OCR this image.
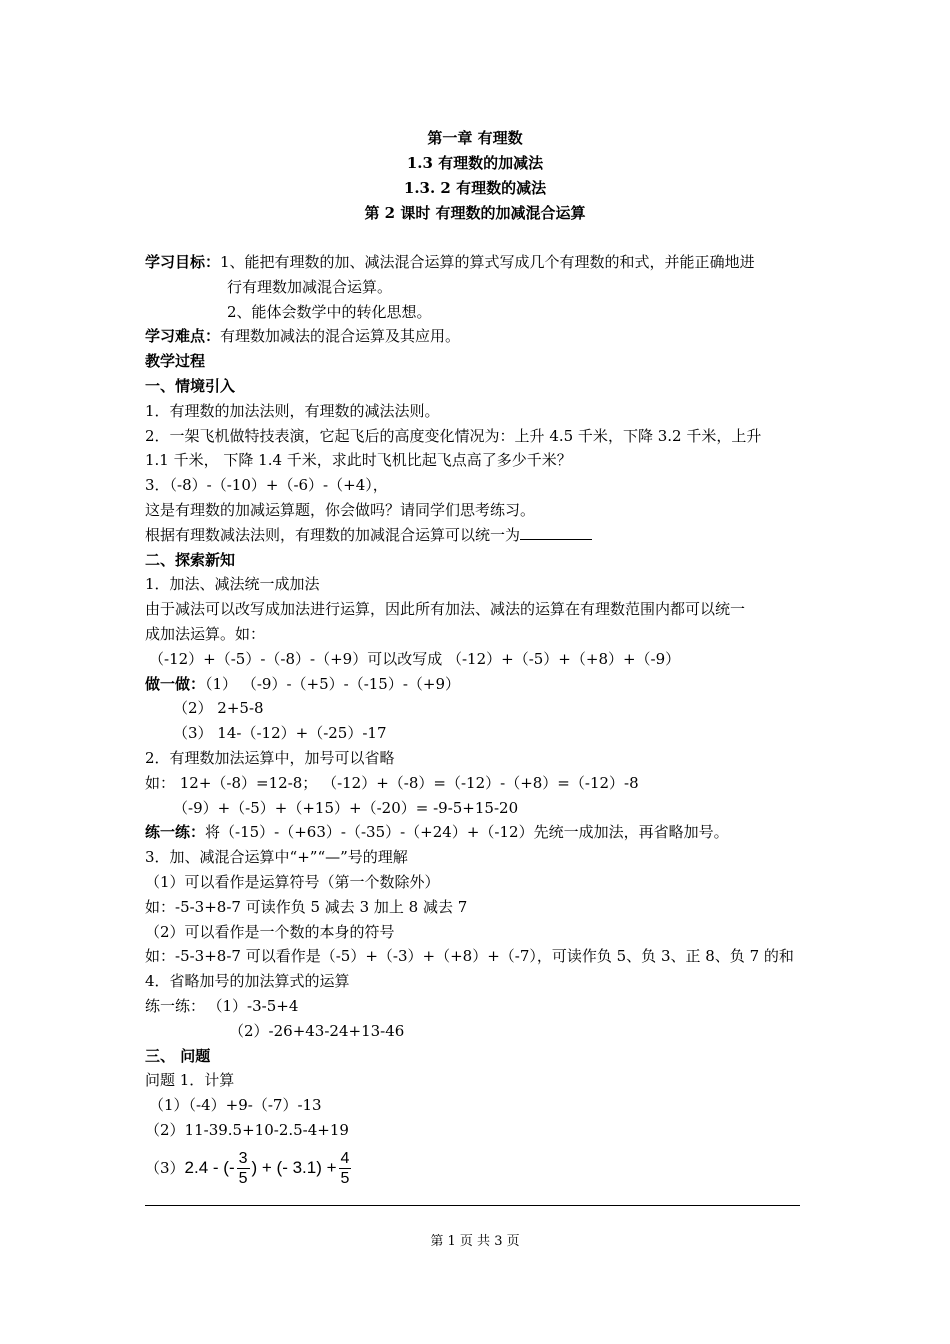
第一章 有理数
1.3 有理数的加减法
1.3. 2 有理数的减法
第 2 课时 有理数的加减混合运算
学习目标：1、能把有理数的加、减法混合运算的算式写成几个有理数的和式，并能正确地进
行有理数加减混合运算。
2、能体会数学中的转化思想。
学习难点：有理数加减法的混合运算及其应用。
教学过程
一、情境引入
1．有理数的加法法则，有理数的减法法则。
2．一架飞机做特技表演，它起飞后的高度变化情况为：上升 4.5 千米，下降 3.2 千米，上升
1.1 千米， 下降 1.4 千米，求此时飞机比起飞点高了多少千米？
3．（-8）-（-10）+（-6）-（+4），
这是有理数的加减运算题，你会做吗？请同学们思考练习。
根据有理数减法法则，有理数的加减混合运算可以统一为
二、探索新知
1．加法、减法统一成加法
由于减法可以改写成加法进行运算，因此所有加法、减法的运算在有理数范围内都可以统一
成加法运算。如：
（-12）+（-5）-（-8）-（+9）可以改写成 （-12）+（-5）+（+8）+（-9）
做一做：（1） （-9）-（+5）-（-15）-（+9）
（2） 2+5-8
（3） 14-（-12）+（-25）-17
2．有理数加法运算中，加号可以省略
如： 12+（-8）=12-8； （-12）+（-8）=（-12）-（+8）=（-12）-8
（-9）+（-5）+（+15）+（-20）= -9-5+15-20
练一练：将（-15）-（+63）-（-35）-（+24）+（-12）先统一成加法，再省略加号。
3．加、减混合运算中“+”“—”号的理解
（1）可以看作是运算符号（第一个数除外）
如：-5-3+8-7 可读作负 5 减去 3 加上 8 减去 7
（2）可以看作是一个数的本身的符号
如：-5-3+8-7 可以看作是（-5）+（-3）+（+8）+（-7），可读作负 5、负 3、正 8、负 7 的和
4．省略加号的加法算式的运算
练一练： （1）-3-5+4
（2）-26+43-24+13-46
三、 问题
问题 1．计算
（1）（-4）+9-（-7）-13
（2）11-39.5+10-2.5-4+19
（3） 2.4 - (- $\frac{3}{5}$ ) + (- $3.1) + \frac{4}{5}$
第 1 页 共 3 页
